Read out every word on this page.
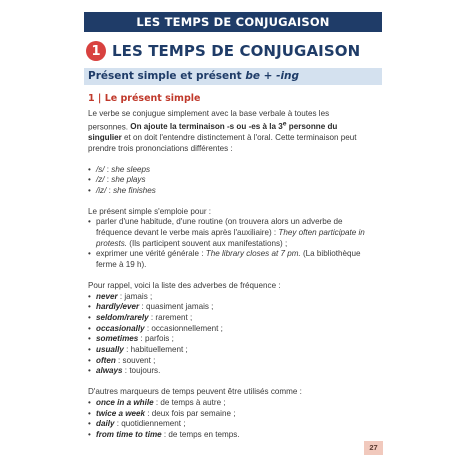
LES TEMPS DE CONJUGAISON
1 LES TEMPS DE CONJUGAISON
Présent simple et présent be + -ing
1 | Le présent simple

Le verbe se conjugue simplement avec la base verbale à toutes les personnes. On ajoute la terminaison -s ou -es à la 3e personne du singulier et on doit l'entendre distinctement à l'oral. Cette terminaison peut prendre trois prononciations différentes :

• /s/ : she sleeps
• /z/ : she plays
• /iz/ : she finishes

Le présent simple s'emploie pour :

• parler d'une habitude, d'une routine (on trouvera alors un adverbe de fréquence devant le verbe mais après l'auxiliaire) : They often participate in protests. (Ils participent souvent aux manifestations) ;
• exprimer une vérité générale : The library closes at 7 pm. (La bibliothèque ferme à 19 h).

Pour rappel, voici la liste des adverbes de fréquence :

• never : jamais ;
• hardly/ever : quasiment jamais ;
• seldom/rarely : rarement ;
• occasionally : occasionnellement ;
• sometimes : parfois ;
• usually : habituellement ;
• often : souvent ;
• always : toujours.

D'autres marqueurs de temps peuvent être utilisés comme :

• once in a while : de temps à autre ;
• twice a week : deux fois par semaine ;
• daily : quotidiennement ;
• from time to time : de temps en temps.
27
